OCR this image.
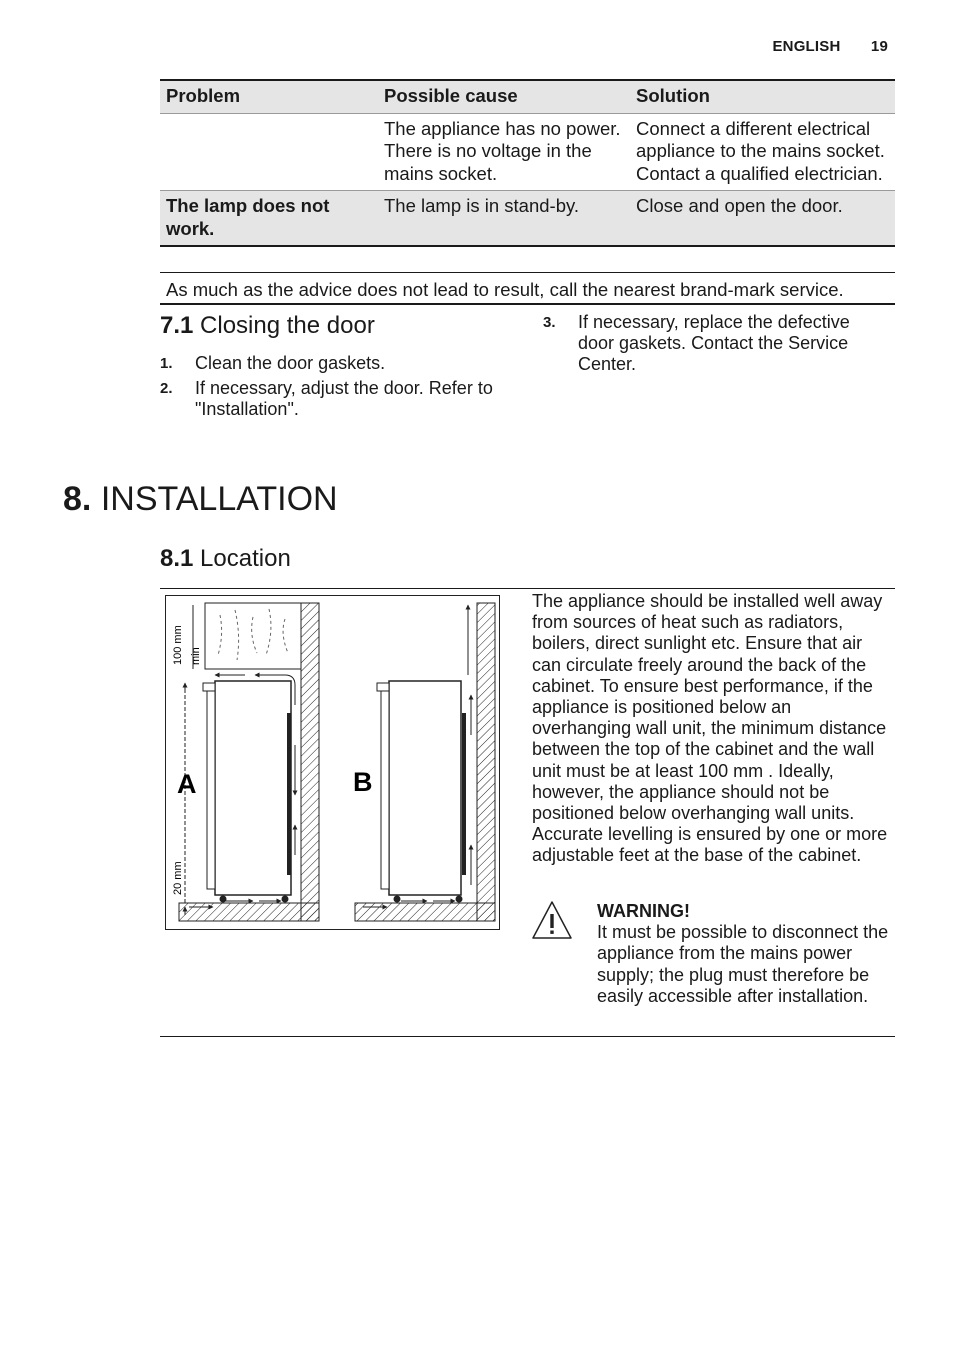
ENGLISH 19
Problem	Possible cause	Solution
	The appliance has no power. There is no voltage in the mains socket.	Connect a different electrical appliance to the mains socket. Contact a qualified electrician.
The lamp does not work.	The lamp is in stand-by.	Close and open the door.
As much as the advice does not lead to result, call the nearest brand-mark service.
7.1 Closing the door
1. Clean the door gaskets.
2. If necessary, adjust the door. Refer to "Installation".
3. If necessary, replace the defective door gaskets. Contact the Service Center.
8. INSTALLATION
8.1 Location
100 mm min
20 mm
A	B
The appliance should be installed well away from sources of heat such as radiators, boilers, direct sunlight etc. Ensure that air can circulate freely around the back of the cabinet. To ensure best performance, if the appliance is positioned below an overhanging wall unit, the minimum distance between the top of the cabinet and the wall unit must be at least 100 mm . Ideally, however, the appliance should not be positioned below overhanging wall units. Accurate levelling is ensured by one or more adjustable feet at the base of the cabinet.
WARNING!
It must be possible to disconnect the appliance from the mains power supply; the plug must therefore be easily accessible after installation.
